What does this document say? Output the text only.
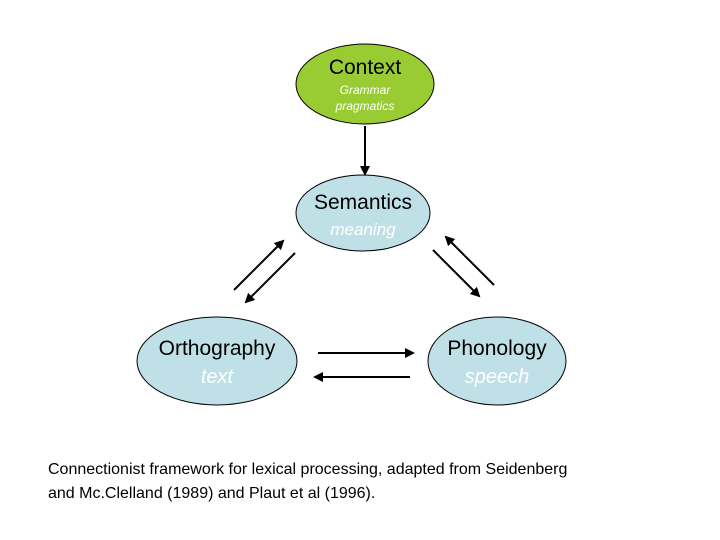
Context
Grammar
pragmatics
Semantics
meaning
Orthography
text
Phonology
speech
Connectionist framework for lexical processing, adapted from Seidenberg
and Mc.Clelland (1989) and Plaut et al (1996).
